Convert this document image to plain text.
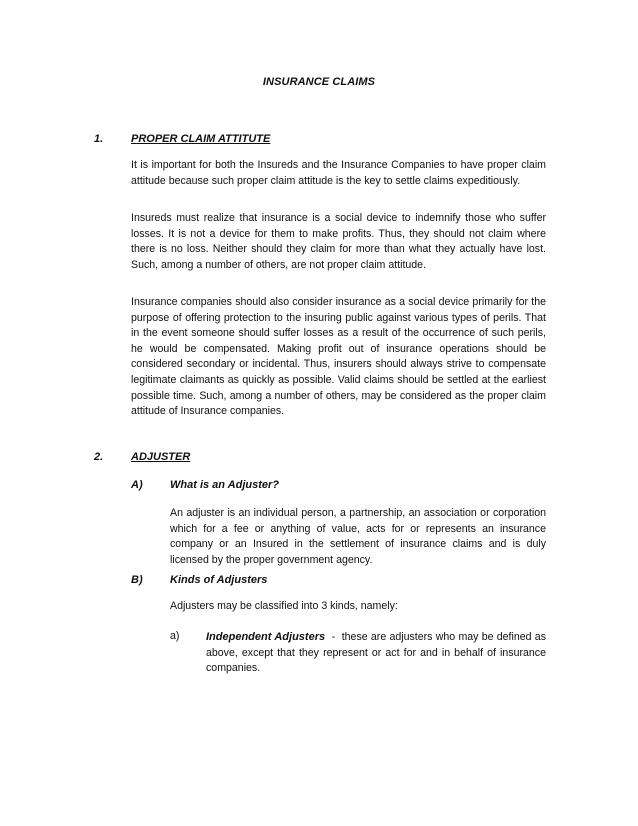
INSURANCE CLAIMS
1.	PROPER CLAIM ATTITUTE

It is important for both the Insureds and the Insurance Companies to have proper claim attitude because such proper claim attitude is the key to settle claims expeditiously.

Insureds must realize that insurance is a social device to indemnify those who suffer losses. It is not a device for them to make profits. Thus, they should not claim where there is no loss. Neither should they claim for more than what they actually have lost. Such, among a number of others, are not proper claim attitude.

Insurance companies should also consider insurance as a social device primarily for the purpose of offering protection to the insuring public against various types of perils. That in the event someone should suffer losses as a result of the occurrence of such perils, he would be compensated. Making profit out of insurance operations should be considered secondary or incidental. Thus, insurers should always strive to compensate legitimate claimants as quickly as possible. Valid claims should be settled at the earliest possible time. Such, among a number of others, may be considered as the proper claim attitude of Insurance companies.

2.	ADJUSTER
A) What is an Adjuster?

An adjuster is an individual person, a partnership, an association or corporation which for a fee or anything of value, acts for or represents an insurance company or an Insured in the settlement of insurance claims and is duly licensed by the proper government agency.

B) Kinds of Adjusters

Adjusters may be classified into 3 kinds, namely:

a) Independent Adjusters  -  these are adjusters who may be defined as above, except that they represent or act for and in behalf of insurance companies.
